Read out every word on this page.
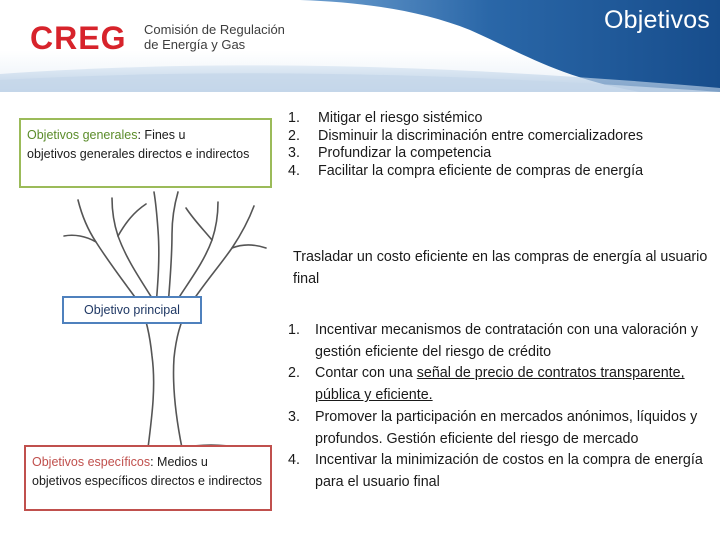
CREG Comisión de Regulación
de Energía y Gas
Objetivos
Objetivos generales: Fines u
objetivos generales directos e indirectos
Objetivo principal
Objetivos específicos: Medios u
objetivos específicos directos e indirectos
1.	Mitigar el riesgo sistémico
2.	Disminuir la discriminación entre comercializadores
3.	Profundizar la competencia
4.	Facilitar la compra eficiente de compras de energía
Trasladar un costo eficiente en las compras de energía al usuario final
1.	Incentivar mecanismos de contratación con una valoración y gestión eficiente del riesgo de crédito
2.	Contar con una señal de precio de contratos transparente, pública y eficiente.
3.	Promover la participación en mercados anónimos, líquidos y profundos. Gestión eficiente del riesgo de mercado
4.	Incentivar la minimización de costos en la compra de energía para el usuario final
